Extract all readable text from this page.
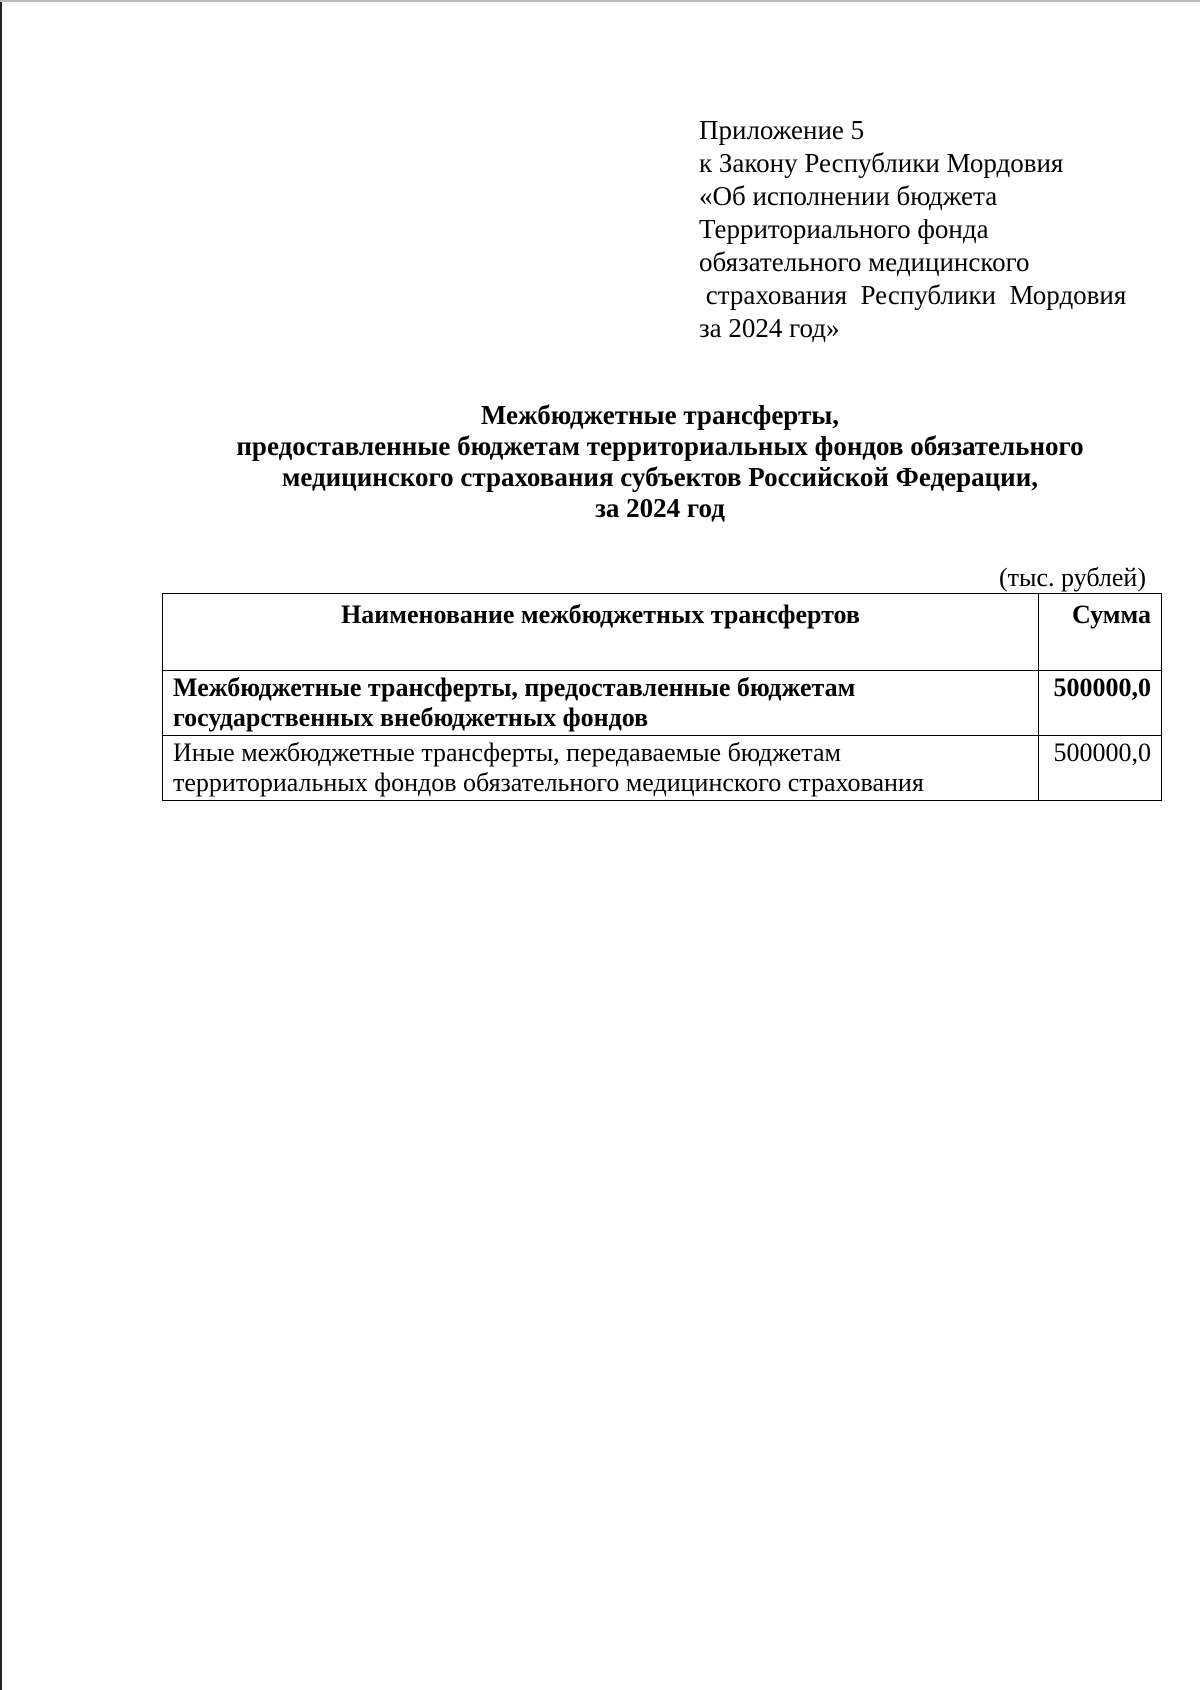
Приложение 5
к Закону Республики Мордовия
«Об исполнении бюджета
Территориального фонда
обязательного медицинского
страхования  Республики  Мордовия
за 2024 год»
Межбюджетные трансферты,
предоставленные бюджетам территориальных фондов обязательного
медицинского страхования субъектов Российской Федерации,
за 2024 год
(тыс. рублей)
Наименование межбюджетных трансфертов	Сумма

Межбюджетные трансферты, предоставленные бюджетам
государственных внебюджетных фондов	500000,0

Иные межбюджетные трансферты, передаваемые бюджетам
территориальных фондов обязательного медицинского страхования	500000,0
